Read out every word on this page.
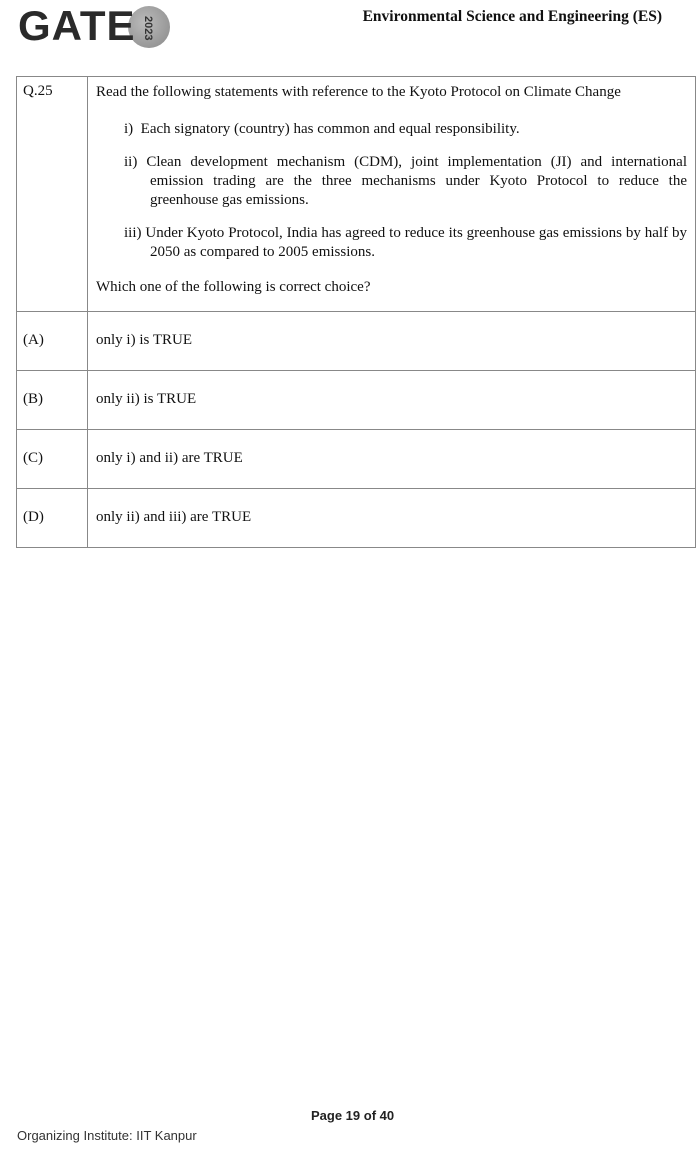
GATE 2023	Environmental Science and Engineering (ES)
Q.25	Read the following statements with reference to the Kyoto Protocol on Climate Change
i)  Each signatory (country) has common and equal responsibility.
ii) Clean development mechanism (CDM), joint implementation (JI) and international emission trading are the three mechanisms under Kyoto Protocol to reduce the greenhouse gas emissions.
iii) Under Kyoto Protocol, India has agreed to reduce its greenhouse gas emissions by half by 2050 as compared to 2005 emissions.
Which one of the following is correct choice?

(A)	only i) is TRUE
(B)	only ii) is TRUE
(C)	only i) and ii) are TRUE
(D)	only ii) and iii) are TRUE
Page 19 of 40
Organizing Institute: IIT Kanpur
